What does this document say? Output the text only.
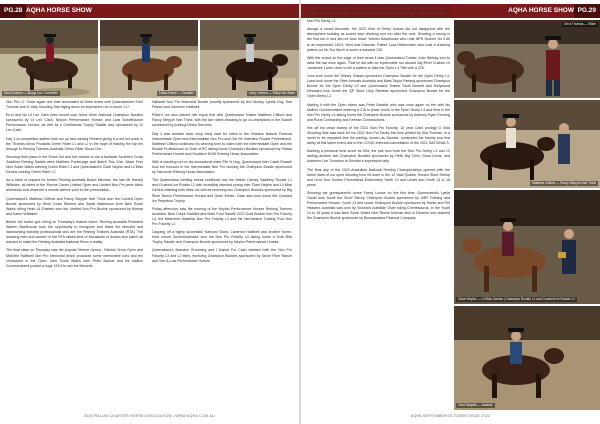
PG.28 AQHA HORSE SHOW
Gina Dobson — Mulga Dun Cartdrifter	Leisa Frame — Zzzaster	Larry Lehnen — Shiny Nic Wave

Non Pro L2 `Once again one rider dominated all three levels with Queenslander Errol Thomas and G Vida Shooting Star laying down an impressive run to score 217.

Errol and his Lil Leo Cash bred mount took home three National Champion Buckles sponsored by Lil Leo Cash, Neylon Performance Horses and Lara Schaffhauser Performance Horses, as well as a Continental Trophy Saddle also sponsored by Lil Leo Cash.

Day 3 of competition started with our up and coming Reiners giving it a red hot crack in the Thomas Amos Products Green Rider L1 and L2 in the hope of making the top ten through to Reining Trainers Australia Green Rider Shoot Out.

Securing their place in the Shoot Out and the chance to win a fantastic Southern Cross Saddlery Reining Saddle were Matthew Pockendge and Watch This Chic, Wave Fern New South Wales winning Green Rider L1 and Queensland's Clare Neylon and Lil Miss Genius winning Green Rider L2.

As a mark of respect for former Reining Australia Board Member, the late Mr Harvey Wiltshire, all riders in the Xtreme Canes Limited Open and Limited Non Pro wore black armbands and observed a minute silence prior to the presentation.

Queensland's Matthew Clifford and Fancy Steppin Hart Think won the Limited Open Buckle sponsored by West Coast Reiners and Sarah Mattenson from New South Wales riding Hesh Lil Einstein won the Limited Non Pro Buckle sponsored by Murray and Karen Whitaker.

Before the action got rolling on Thursday's feature event, Reining Australia President Warren Backhouse took the opportunity to recognise and thank the talented and hardworking industry professionals who are the Reining Trainers Australia (RTA). The amazing men and women of the RTA raised tens of thousands of dollars and paid it all forward to make the Reining Australia National Show a reality.

The final class on Thursday was the popular Xtreme Genes - Electric Snow Open and Michelle Halliwell Non Pro Memorial which produced some memorable runs and ten champions in the Open. New South Wales rider Peter Barlow and his stallion Gunnmontized posted a huge 226.5 to win the Michelle

Halliwell Non Pro Memorial Buckle proudly sponsored by Avil Money, Lynda Guy, Sue Franks and Cameron Halliwell.

Peter's run also placed him equal first with Queensland Trainer Matthew Clifford and Fancy Steppin Hart Think, with the two riders deciding to go co-champions in the Buckle sponsored by Ironbog Derby Services.

Day 4 was another clear crisp early start for riders in the Outback Natural Formula Intermediate Open and Intermediate Non Pro and Oar Mr Valentine Rookie Professional. Matthew Clifford continued his winning form to claim both the Intermediate Open and the Rookie Professional on Sure of RC taking home Champion Buckles sponsored by Shaws Performance Horses and Southern NSW Reining Horse Association.

With a cracking run on his sensational mare Flirt N Hug, Queensland rider Caleb Russell took the honours in the Intermediate Non Pro winning the Champion Buckle sponsored by Tamworth Reining Horse Association.

The Queensland winning streak continued into the Marsh Carney Saddlery Rookie L1 and Crushed Ice Rookie L2 with incredibly talented young rider Clare Neylon and Lil Miss Genius claiming both titles. As well as receiving two Champion Buckles sponsored by Big River Ranch Performance Horses and Gene Wines, Clare also took home the Crushed Ice Perpetual Trophy.

Friday afternoon saw the running of the Neylon Performance Horses Reining Trainers Australia, Blue Creek Saddles and Mark Ford Saddle 2022 Gold Buckle Non Pro Futurity L4, the Maximum Metallics Non Pro Futurity L3 and the Hermanson Trading Post Non Pro Futurity L2.

Capping off a highly successful National Show, Cameron Halliwell and another home-bred mount Gunnmetalmaze won the Non Pro Futurity L4 taking home a Trulli Bird Trophy Saddle and Champion Buckle sponsored by Neylon Performance Horses.

Queensland's Brandon Grooming and I Dance For Cash claimed both the Non Pro Futurity L3 and L2 titles, receiving Champion Buckles sponsored by Stone River Ranch and Tarr-A-Low Performance Horses.

AUSTRALIAN QUARTER HORSE ASSOCIATION • WWW.AQHA.COM.AU
AQHA HORSE SHOW PG.29

Friday night's feature event was the Australian Quarter Horse Association Open Derby L4, QP Stunt Libry Reelstar Open Derby L3, Dixon Saddlery Open Derby L2, Western Little Step Non Pro Derby L4, Hello Big Chex Non Pro Derby L3 and the Shaws Packed Reiners Non Pro Derby L2.

Always a crowd favourite, the 2022 field of Derby horses did not disappoint with the atmosphere building as scores kept climbing one run after the next. Showing a strong in the first run in and did not slow down, Warren Backhouse who rode NPH Gunner No it All to an impressive 218.5. Next was Victorian Trainer Lara Heldermann who rode a cracking pattern on No Too Much to score a massive 220.

With the crowd on the edge of their seats it was Queensland Trainer John Welsby turn to raise the bar once again. That he did with an impeccable run aboard Big River Custom Lil Jamboree Lamb Lever to tell a pattern to take the Open L4 Title with a 225.

John took home the Shiney Outlaw sponsored Champion Buckle for the Open Derby L4, Lana took home the Fibre Animals Australia and Mark Taylor Reining sponsored Champion Buckle for the Open Derby L3 and Queensland Trainer Scott Barnett and Hollywood Meoward took home the QP Stunt Libry Reelstar sponsored Champion Buckle for the Open Derby L2.

Making it with the Open riders was Peter Bartalle who was once again on fire with his stallion Gunnmontized marking a 216 to place fourth in the Open Derby L4 and third in the Non Pro Derby L4 taking home the Champion Buckle sponsored by Anthony Ryan Fencing and Rural Contracting and Keenan Constructions.

Hot off his clean sweep of the 2021 Non Pro Futurity, 14 year Cash prodigy G Vida Shooting Star was back for his 2022 Non Pro Derby this time piloted by Gila Thomas. In a never to be repeated feat the pairing, known as Shooter, contended his futurity and first derby at this same event due to the COVID enforced cancellation of the 2021 NATIONALS.

Marking a personal best score for Ella, the pair won both the Non Pro Derby L3 and L2 adding another two Champion Buckles sponsored by Hello Big Chex, Dorsi Lewis, and Adrienne Lee Thomson to Shooter's impressive tally.

The final day of the 2022 Australian National Reining Championships opened with the future stars of our sport showing how it's done in the 12 Vida Quarter Horses Short Stirrup and Hold Your Horses Promotional Embroidery Youth 13 and Under and Youth 14 to 18 years.

Showing her grandparent's horse Fancy Louise for the first time, Queensland's Lyelle Gauld took home the Short Stirrup Champion Buckle sponsored by JMR Training and Performance Horses. Youth 13 and under Champion Buckle sponsored by Horse and Pet Headers Australia was won by Victoria's Adelaide Osler riding Cremesaurus. In the Youth 14 to 18 years it was New South Wales rider Reese Keenan and Lil Einstein who claimed the Champion Buckle sponsored by Boonaandara Pastoral Company.

Errol Thomas — Rider
Matthew Clifford — Fancy Steppin Hart Think
Clare Neylon — Lil Miss Genius | Champion Rookie L1 and Crushed Ice Rookie L2
Todd Simpkin — Awards
AQHA SEPTEMBER/OCTOBER ISSUE 2022
